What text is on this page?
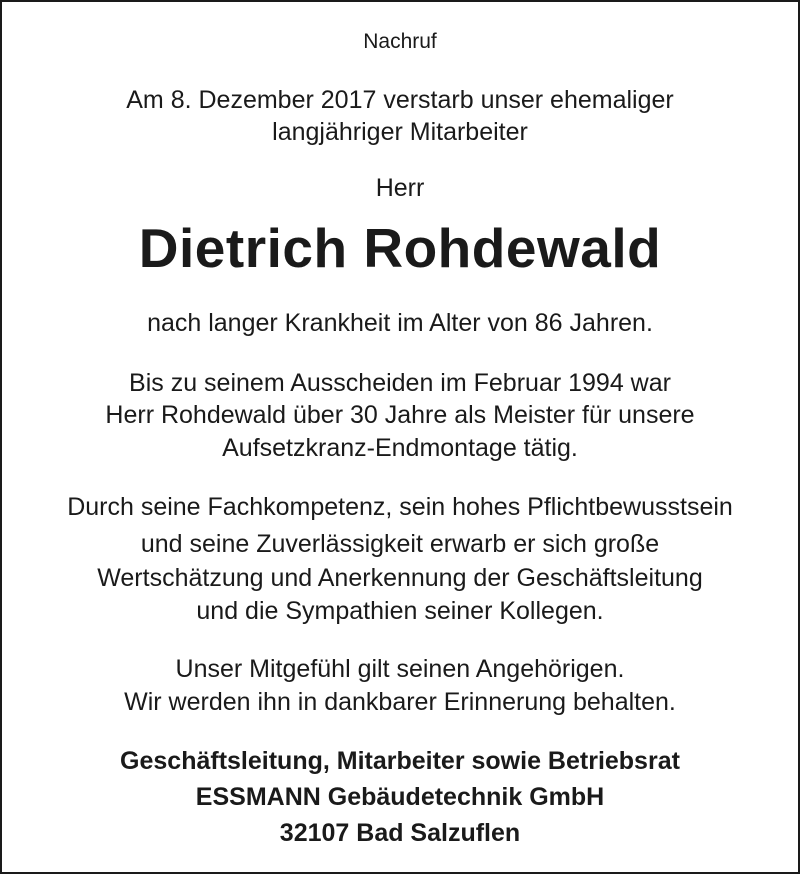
Nachruf
Am 8. Dezember 2017 verstarb unser ehemaliger
langjähriger Mitarbeiter
Herr
Dietrich Rohdewald
nach langer Krankheit im Alter von 86 Jahren.
Bis zu seinem Ausscheiden im Februar 1994 war
Herr Rohdewald über 30 Jahre als Meister für unsere
Aufsetzkranz-Endmontage tätig.
Durch seine Fachkompetenz, sein hohes Pflichtbewusstsein
und seine Zuverlässigkeit erwarb er sich große
Wertschätzung und Anerkennung der Geschäftsleitung
und die Sympathien seiner Kollegen.
Unser Mitgefühl gilt seinen Angehörigen.
Wir werden ihn in dankbarer Erinnerung behalten.
Geschäftsleitung, Mitarbeiter sowie Betriebsrat
ESSMANN Gebäudetechnik GmbH
32107 Bad Salzuflen
